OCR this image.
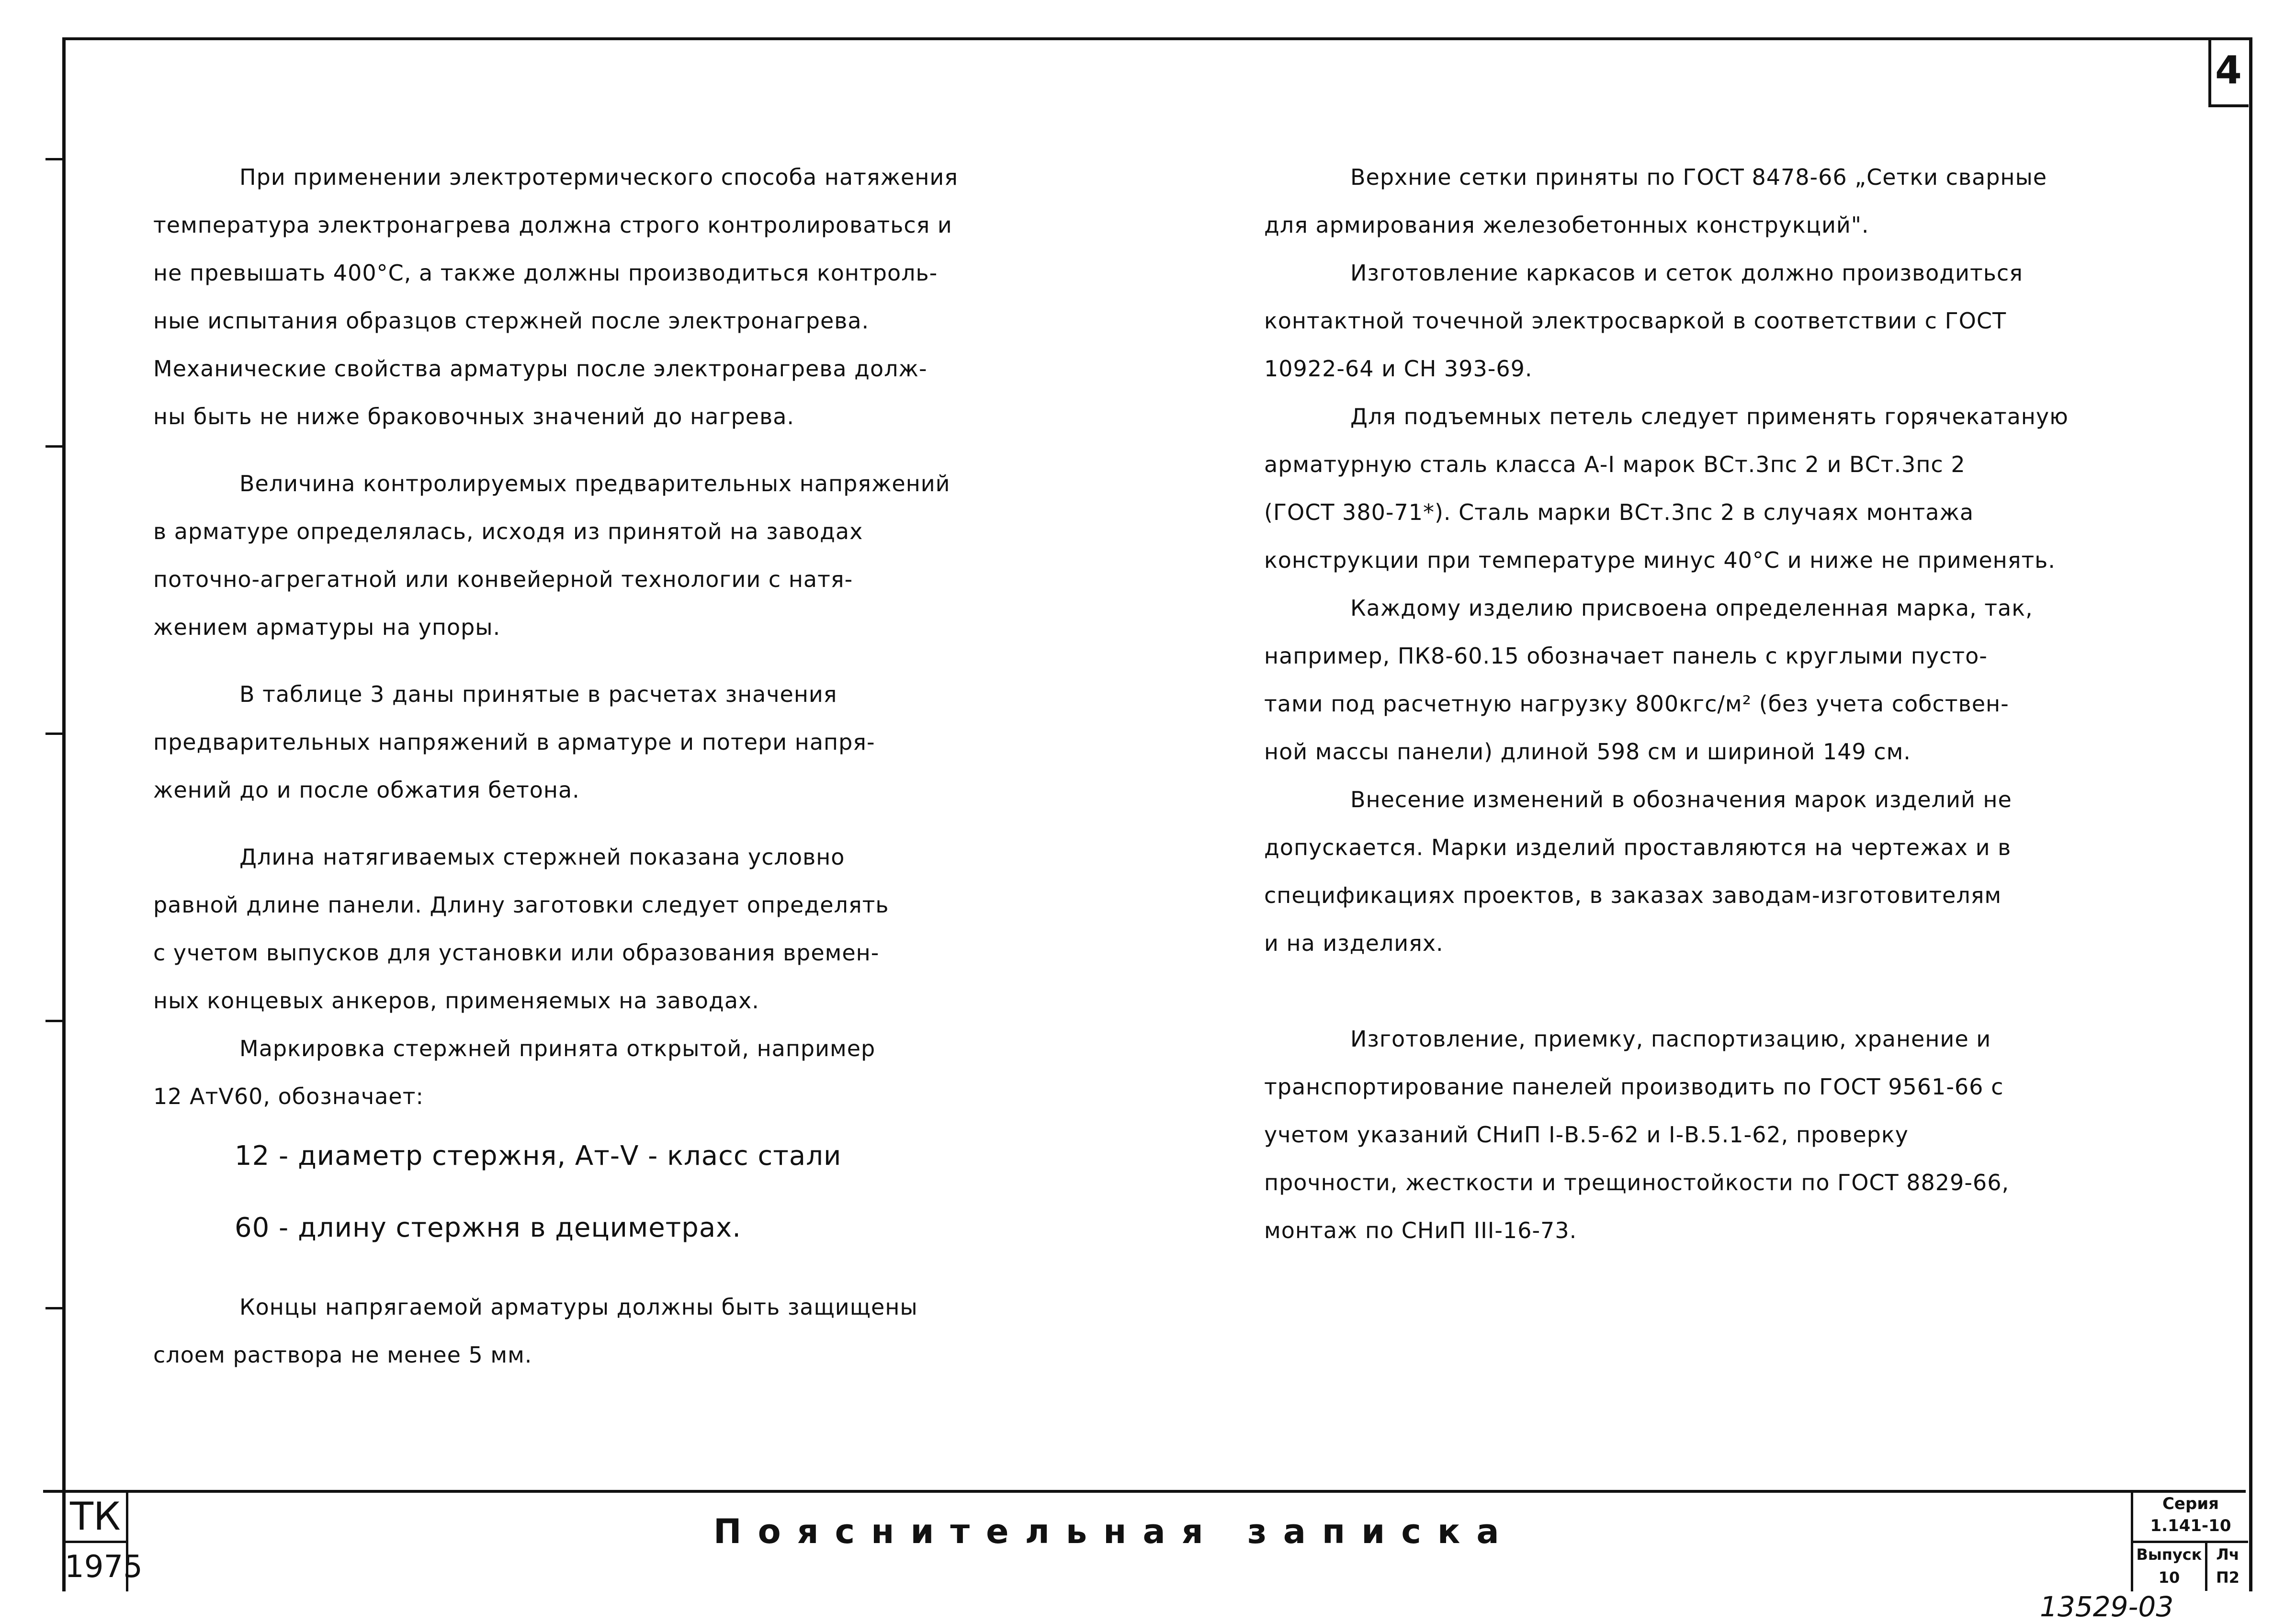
4

При применении электротермического способа натяжения

температура электронагрева должна строго контролироваться и

не превышать 400°C, а также должны производиться контроль-

ные испытания образцов стержней после электронагрева.

Механические свойства арматуры после электронагрева долж-

ны быть не ниже браковочных значений до нагрева.

Величина контролируемых предварительных напряжений

в арматуре определялась, исходя из принятой на заводах

поточно-агрегатной или конвейерной технологии с натя-

жением арматуры на упоры.

В таблице 3 даны принятые в расчетах значения

предварительных напряжений в арматуре и потери напря-

жений до и после обжатия бетона.

Длина натягиваемых стержней показана условно

равной длине панели. Длину заготовки следует определять

с учетом выпусков для установки или образования времен-

ных концевых анкеров, применяемых на заводах.

Маркировка стержней принята открытой, например

12 АтV60, обозначает:

12 - диаметр стержня, Ат-V - класс стали

60 - длину стержня в дециметрах.

Концы напрягаемой арматуры должны быть защищены

слоем раствора не менее 5 мм.

Верхние сетки приняты по ГОСТ 8478-66 „Сетки сварные

для армирования железобетонных конструкций".

Изготовление каркасов и сеток должно производиться

контактной точечной электросваркой в соответствии с ГОСТ

10922-64 и СН 393-69.

Для подъемных петель следует применять горячекатаную

арматурную сталь класса А-I марок ВСт.3пс 2 и ВСт.3пс 2

(ГОСТ 380-71*). Сталь марки ВСт.3пс 2 в случаях монтажа

конструкции при температуре минус 40°C и ниже не применять.

Каждому изделию присвоена определенная марка, так,

например, ПК8-60.15 обозначает панель с круглыми пусто-

тами под расчетную нагрузку 800кгс/м² (без учета собствен-

ной массы панели) длиной 598 см и шириной 149 см.

Внесение изменений в обозначения марок изделий не

допускается. Марки изделий проставляются на чертежах и в

спецификациях проектов, в заказах заводам-изготовителям

и на изделиях.

Изготовление, приемку, паспортизацию, хранение и

транспортирование панелей производить по ГОСТ 9561-66 с

учетом указаний СНиП I-В.5-62 и I-В.5.1-62, проверку

прочности, жесткости и трещиностойкости по ГОСТ 8829-66,

монтаж по СНиП III-16-73.

ТК
1975
Пояснительная записка
Серия
1.141-10
Выпуск
10
Лч
П2
13529-03
